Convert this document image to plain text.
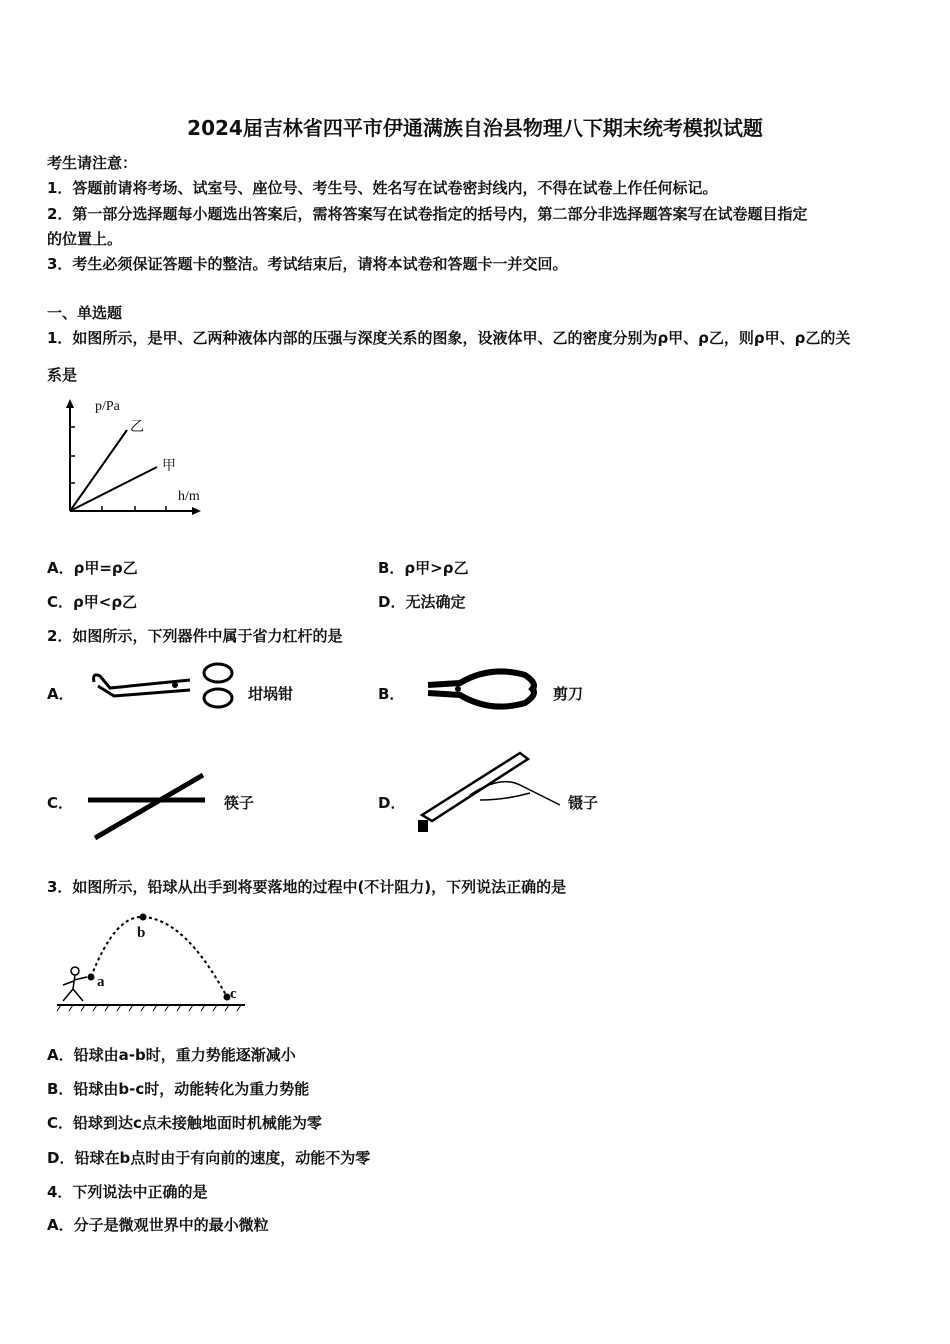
2024届吉林省四平市伊通满族自治县物理八下期末统考模拟试题
考生请注意：
1．答题前请将考场、试室号、座位号、考生号、姓名写在试卷密封线内，不得在试卷上作任何标记。
2．第一部分选择题每小题选出答案后，需将答案写在试卷指定的括号内，第二部分非选择题答案写在试卷题目指定
的位置上。
3．考生必须保证答题卡的整洁。考试结束后，请将本试卷和答题卡一并交回。
一、单选题
1．如图所示，是甲、乙两种液体内部的压强与深度关系的图象，设液体甲、乙的密度分别为ρ甲、ρ乙，则ρ甲、ρ乙的关
系是
p/Pa
h/m
乙
甲
A．ρ甲=ρ乙	B．ρ甲>ρ乙
C．ρ甲<ρ乙	D．无法确定
2．如图所示，下列器件中属于省力杠杆的是
A．	坩埚钳	B．	剪刀
C．	筷子	D．	镊子
3．如图所示，铅球从出手到将要落地的过程中(不计阻力)，下列说法正确的是
b
a
c
A．铅球由a-b时，重力势能逐渐减小
B．铅球由b-c时，动能转化为重力势能
C．铅球到达c点未接触地面时机械能为零
D．铅球在b点时由于有向前的速度，动能不为零
4．下列说法中正确的是
A．分子是微观世界中的最小微粒
